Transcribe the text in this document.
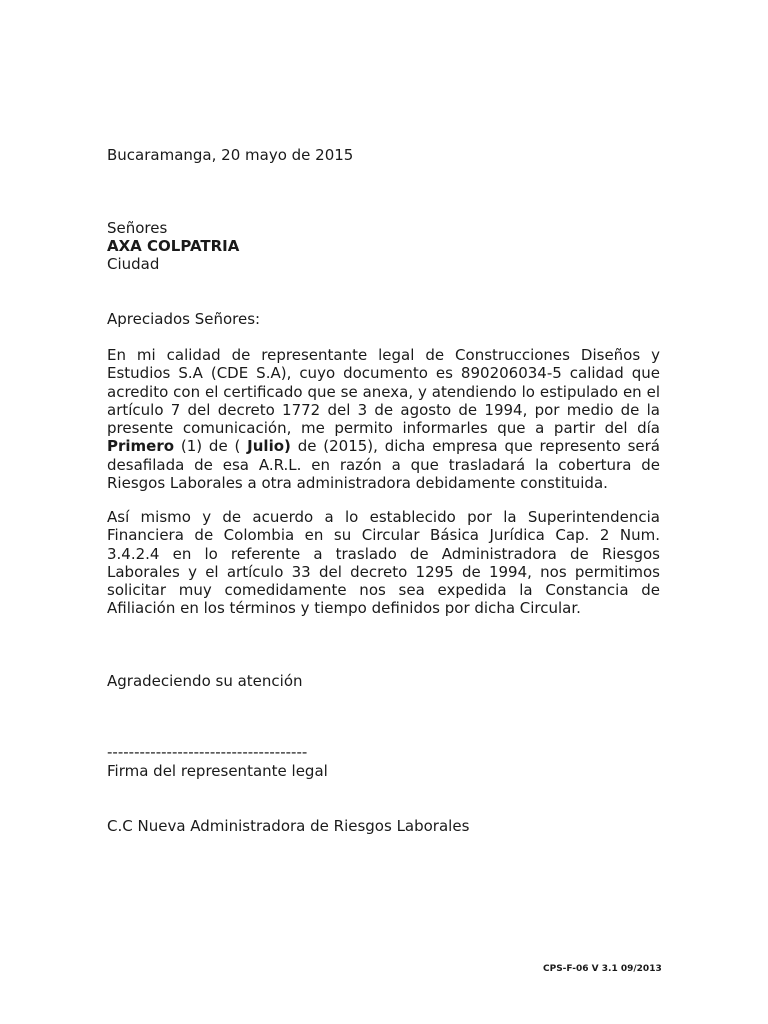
Bucaramanga, 20 mayo de 2015
Señores
AXA COLPATRIA
Ciudad
Apreciados Señores:
En mi calidad de representante legal de Construcciones Diseños y
Estudios S.A (CDE S.A), cuyo documento es 890206034-5 calidad que
acredito con el certificado que se anexa, y atendiendo lo estipulado en el
artículo 7 del decreto 1772 del 3 de agosto de 1994, por medio de la
presente comunicación, me permito informarles que a partir del día
Primero (1) de ( Julio) de (2015), dicha empresa que represento será
desafilada de esa A.R.L. en razón a que trasladará la cobertura de
Riesgos Laborales a otra administradora debidamente constituida.
Así mismo y de acuerdo a lo establecido por la Superintendencia
Financiera de Colombia en su Circular Básica Jurídica Cap. 2 Num.
3.4.2.4 en lo referente a traslado de Administradora de Riesgos
Laborales y el artículo 33 del decreto 1295 de 1994, nos permitimos
solicitar muy comedidamente nos sea expedida la Constancia de
Afiliación en los términos y tiempo definidos por dicha Circular.
Agradeciendo su atención
-------------------------------------
Firma del representante legal
C.C Nueva Administradora de Riesgos Laborales
CPS-F-06 V 3.1 09/2013
